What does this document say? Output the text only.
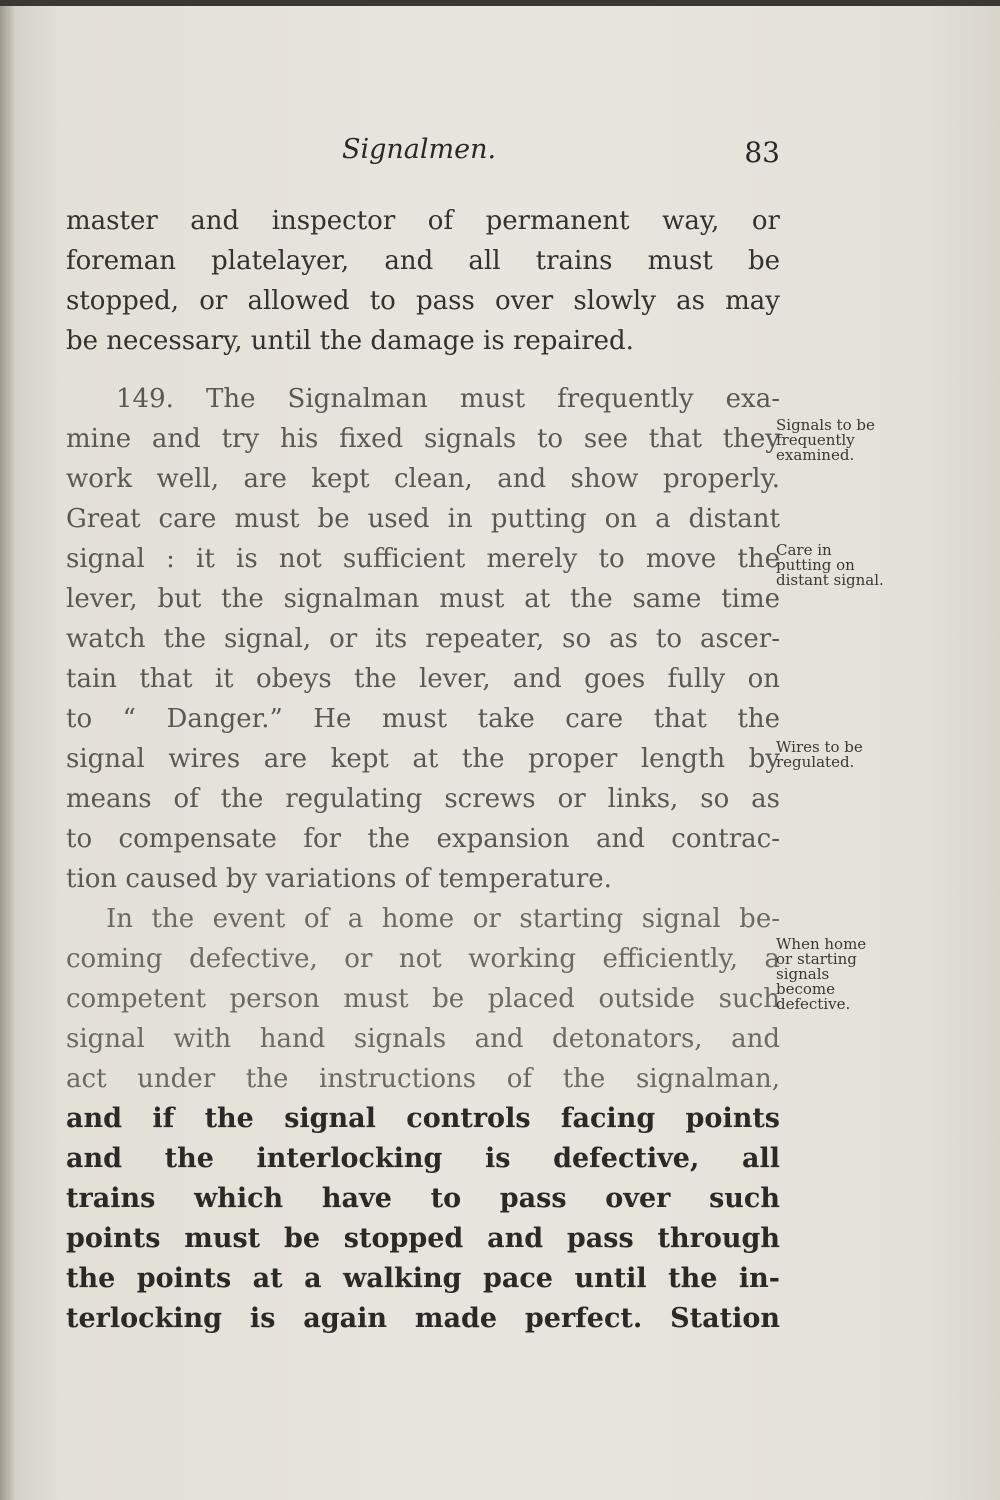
Signalmen.	83
master and inspector of permanent way, or
foreman platelayer, and all trains must be
stopped, or allowed to pass over slowly as may
be necessary, until the damage is repaired.
149. The Signalman must frequently exa-
mine and try his fixed signals to see that they
work well, are kept clean, and show properly.
Great care must be used in putting on a distant
signal : it is not sufficient merely to move the
lever, but the signalman must at the same time
watch the signal, or its repeater, so as to ascer-
tain that it obeys the lever, and goes fully on
to “ Danger.” He must take care that the
signal wires are kept at the proper length by
means of the regulating screws or links, so as
to compensate for the expansion and contrac-
tion caused by variations of temperature.
In the event of a home or starting signal be-
coming defective, or not working efficiently, a
competent person must be placed outside such
signal with hand signals and detonators, and
act under the instructions of the signalman,
and if the signal controls facing points
and the interlocking is defective, all
trains which have to pass over such
points must be stopped and pass through
the points at a walking pace until the in-
terlocking is again made perfect. Station
Signals to be
frequently
examined.
Care in
putting on
distant signal.
Wires to be
regulated.
When home
or starting
signals
become
defective.
